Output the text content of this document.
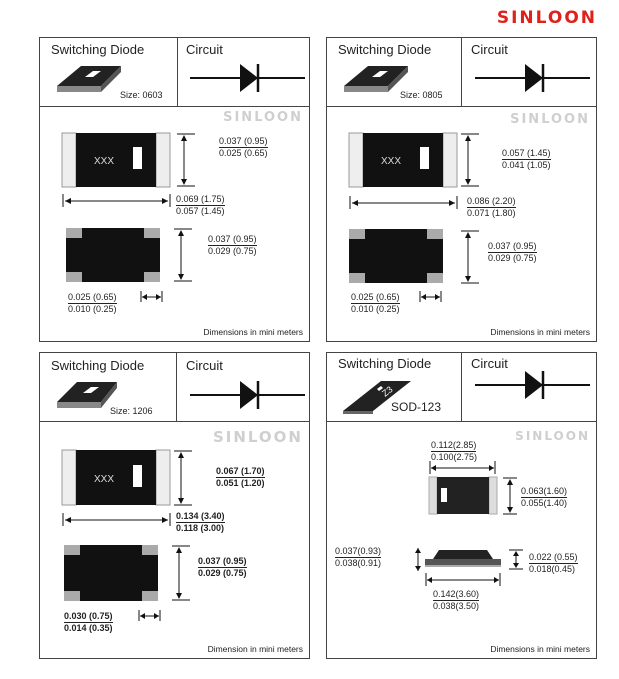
SINLOON
Switching Diode
Size: 0603
Circuit
SINLOON
XXX
0.037 (0.95)
0.025 (0.65)
0.069 (1.75)
0.057 (1.45)
0.037 (0.95)
0.029 (0.75)
0.025 (0.65)
0.010 (0.25)
Dimensions in mini meters
Switching Diode
Size: 0805
Circuit
SINLOON
XXX
0.057 (1.45)
0.041 (1.05)
0.086 (2.20)
0.071 (1.80)
0.037 (0.95)
0.029 (0.75)
0.025 (0.65)
0.010 (0.25)
Dimensions in mini meters
Switching Diode
Size: 1206
Circuit
SINLOON
XXX
0.067 (1.70)
0.051 (1.20)
0.134 (3.40)
0.118 (3.00)
0.037 (0.95)
0.029 (0.75)
0.030 (0.75)
0.014 (0.35)
Dimension in mini meters
Switching Diode
Z3
SOD-123
Circuit
SINLOON
0.112(2.85)
0.100(2.75)
0.063(1.60)
0.055(1.40)
0.037(0.93)
0.038(0.91)
0.022 (0.55)
0.018(0.45)
0.142(3.60)
0.038(3.50)
Dimensions in mini meters
